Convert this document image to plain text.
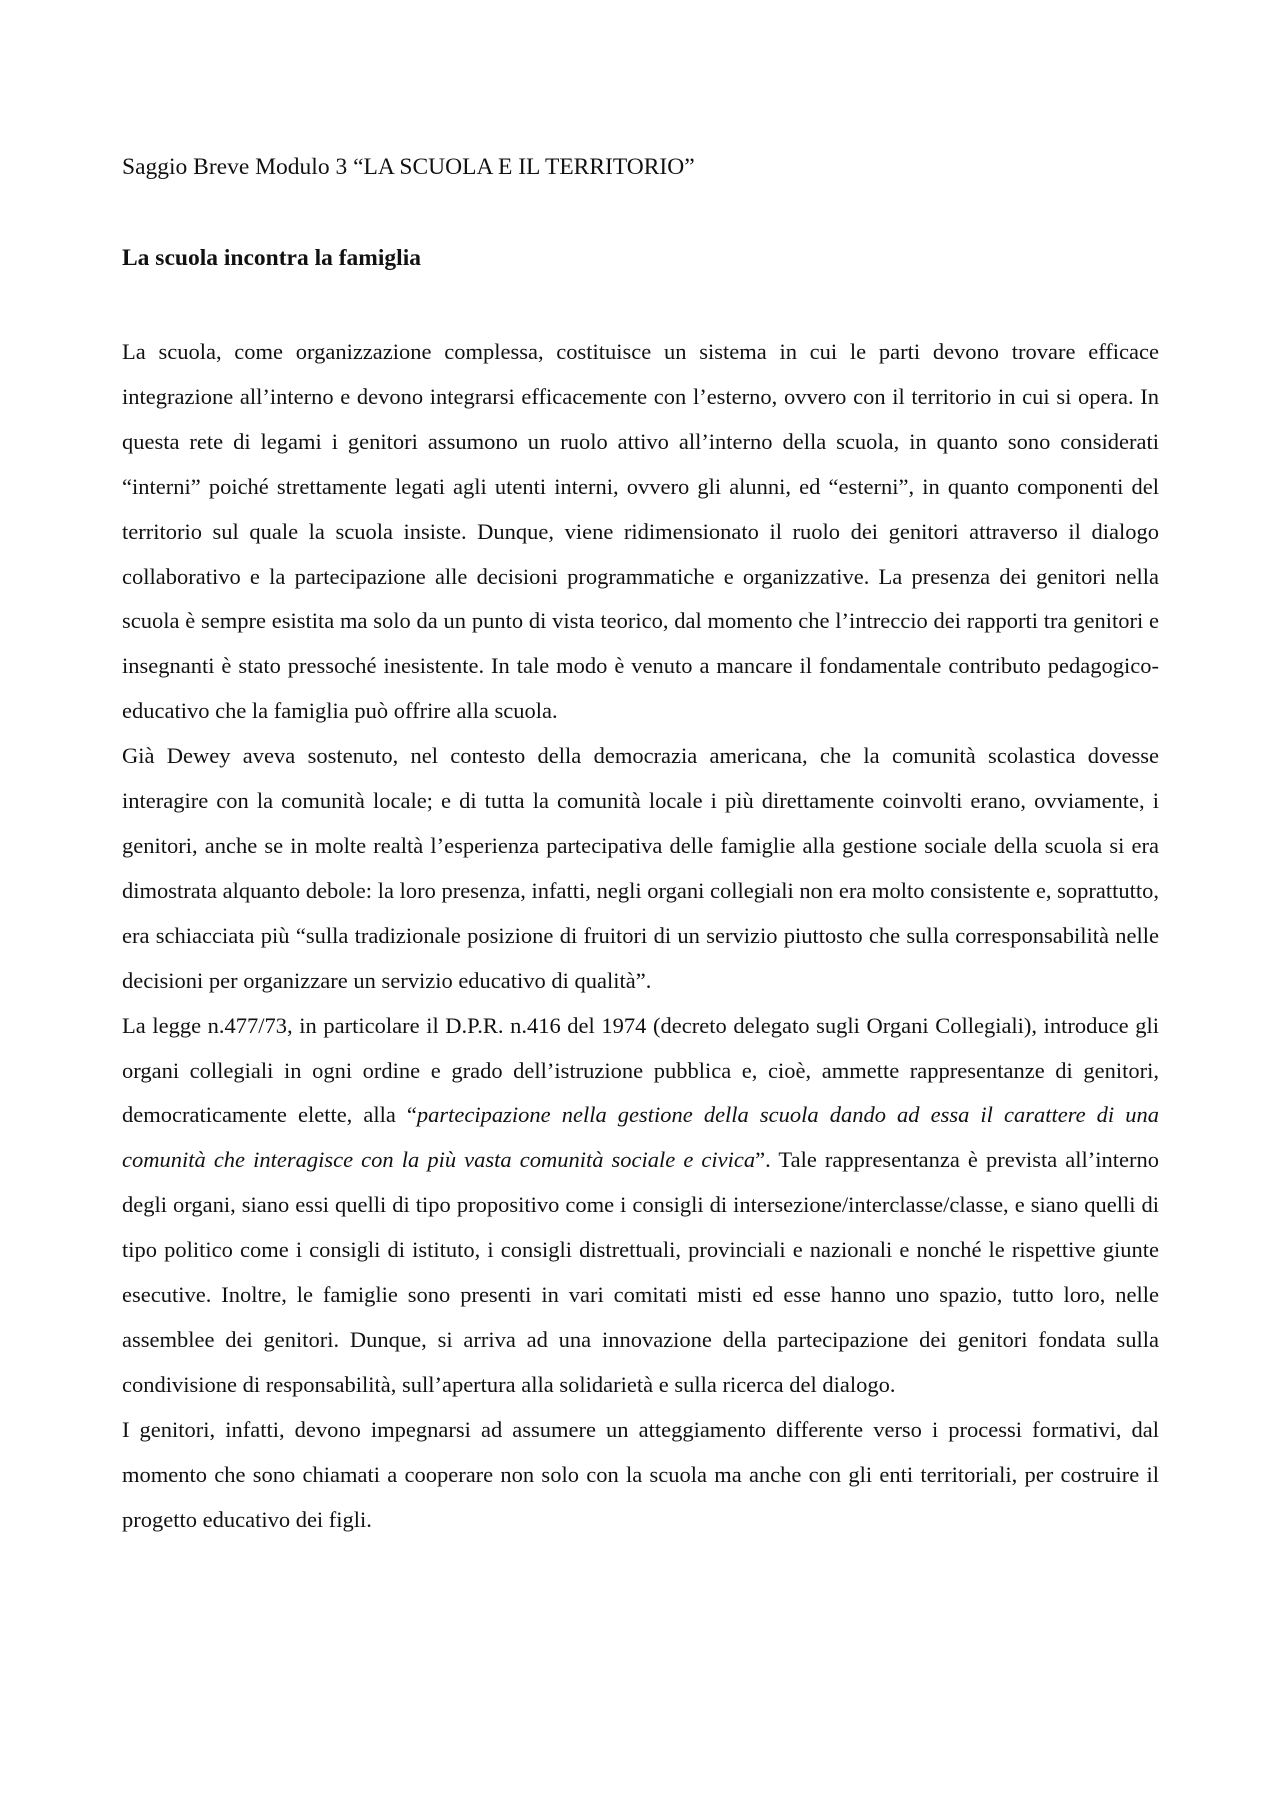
Saggio Breve Modulo 3 “LA SCUOLA E IL TERRITORIO”
La scuola incontra la famiglia

La scuola, come organizzazione complessa, costituisce un sistema in cui le parti devono trovare efficace integrazione all’interno e devono integrarsi efficacemente con l’esterno, ovvero con il territorio in cui si opera. In questa rete di legami i genitori assumono un ruolo attivo all’interno della scuola, in quanto sono considerati “interni” poiché strettamente legati agli utenti interni, ovvero gli alunni, ed “esterni”, in quanto componenti del territorio sul quale la scuola insiste. Dunque, viene ridimensionato il ruolo dei genitori attraverso il dialogo collaborativo e la partecipazione alle decisioni programmatiche e organizzative. La presenza dei genitori nella scuola è sempre esistita ma solo da un punto di vista teorico, dal momento che l’intreccio dei rapporti tra genitori e insegnanti è stato pressoché inesistente. In tale modo è venuto a mancare il fondamentale contributo pedagogico-educativo che la famiglia può offrire alla scuola.

Già Dewey aveva sostenuto, nel contesto della democrazia americana, che la comunità scolastica dovesse interagire con la comunità locale; e di tutta la comunità locale i più direttamente coinvolti erano, ovviamente, i genitori, anche se in molte realtà l’esperienza partecipativa delle famiglie alla gestione sociale della scuola si era dimostrata alquanto debole: la loro presenza, infatti, negli organi collegiali non era molto consistente e, soprattutto, era schiacciata più “sulla tradizionale posizione di fruitori di un servizio piuttosto che sulla corresponsabilità nelle decisioni per organizzare un servizio educativo di qualità”.

La legge n.477/73, in particolare il D.P.R. n.416 del 1974 (decreto delegato sugli Organi Collegiali), introduce gli organi collegiali in ogni ordine e grado dell’istruzione pubblica e, cioè, ammette rappresentanze di genitori, democraticamente elette, alla “partecipazione nella gestione della scuola dando ad essa il carattere di una comunità che interagisce con la più vasta comunità sociale e civica”. Tale rappresentanza è prevista all’interno degli organi, siano essi quelli di tipo propositivo come i consigli di intersezione/interclasse/classe, e siano quelli di tipo politico come i consigli di istituto, i consigli distrettuali, provinciali e nazionali e nonché le rispettive giunte esecutive. Inoltre, le famiglie sono presenti in vari comitati misti ed esse hanno uno spazio, tutto loro, nelle assemblee dei genitori. Dunque, si arriva ad una innovazione della partecipazione dei genitori fondata sulla condivisione di responsabilità, sull’apertura alla solidarietà e sulla ricerca del dialogo.

I genitori, infatti, devono impegnarsi ad assumere un atteggiamento differente verso i processi formativi, dal momento che sono chiamati a cooperare non solo con la scuola ma anche con gli enti territoriali, per costruire il progetto educativo dei figli.
